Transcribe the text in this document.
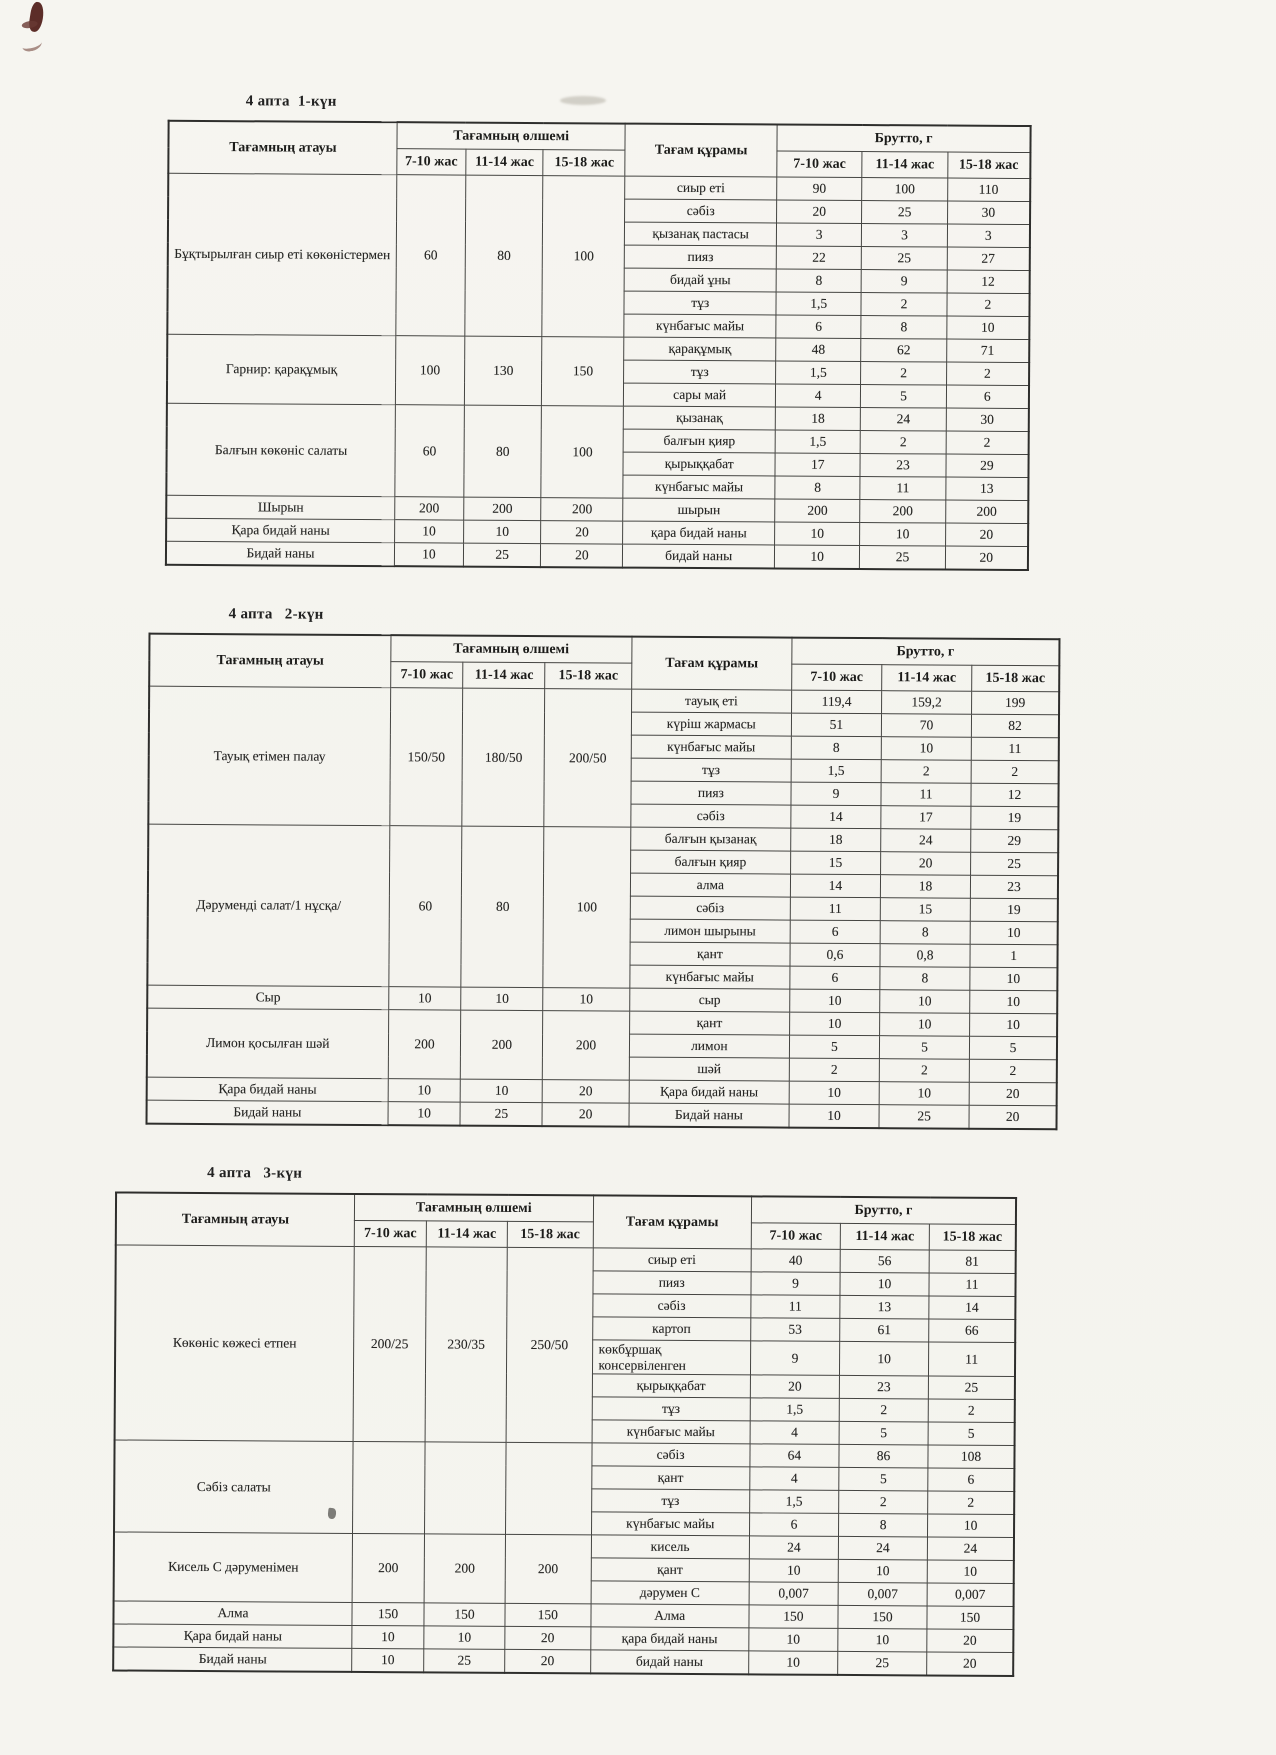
4 апта  1-күн
Тағамның атауы	Тағамның өлшемі			Тағам құрамы	Брутто, г		
	7-10 жас	11-14 жас	15-18 жас		7-10 жас	11-14 жас	15-18 жас
Бұқтырылған сиыр еті көкөністермен	60	80	100	сиыр еті	90	100	110
				сәбіз	20	25	30
				қызанақ пастасы	3	3	3
				пияз	22	25	27
				бидай ұны	8	9	12
				тұз	1,5	2	2
				күнбағыс майы	6	8	10
Гарнир: қарақұмық	100	130	150	қарақұмық	48	62	71
				тұз	1,5	2	2
				сары май	4	5	6
Балғын көкөніс салаты	60	80	100	қызанақ	18	24	30
				балғын қияр	1,5	2	2
				қырыққабат	17	23	29
				күнбағыс майы	8	11	13
Шырын	200	200	200	шырын	200	200	200
Қара бидай наны	10	10	20	қара бидай наны	10	10	20
Бидай наны	10	25	20	бидай наны	10	25	20
4 апта   2-күн
Тағамның атауы	Тағамның өлшемі			Тағам құрамы	Брутто, г		
	7-10 жас	11-14 жас	15-18 жас		7-10 жас	11-14 жас	15-18 жас
Тауық етімен палау	150/50	180/50	200/50	тауық еті	119,4	159,2	199
				күріш жармасы	51	70	82
				күнбағыс майы	8	10	11
				тұз	1,5	2	2
				пияз	9	11	12
				сәбіз	14	17	19
Дәруменді салат/1 нұсқа/	60	80	100	балғын қызанақ	18	24	29
				балғын қияр	15	20	25
				алма	14	18	23
				сәбіз	11	15	19
				лимон шырыны	6	8	10
				қант	0,6	0,8	1
				күнбағыс майы	6	8	10
Сыр	10	10	10	сыр	10	10	10
Лимон қосылған шәй	200	200	200	қант	10	10	10
				лимон	5	5	5
				шәй	2	2	2
Қара бидай наны	10	10	20	Қара бидай наны	10	10	20
Бидай наны	10	25	20	Бидай наны	10	25	20
4 апта   3-күн
Тағамның атауы	Тағамның өлшемі			Тағам құрамы	Брутто, г		
	7-10 жас	11-14 жас	15-18 жас		7-10 жас	11-14 жас	15-18 жас
Көкөніс көжесі етпен	200/25	230/35	250/50	сиыр еті	40	56	81
				пияз	9	10	11
				сәбіз	11	13	14
				картоп	53	61	66
				көкбұршақ консервіленген	9	10	11
				қырыққабат	20	23	25
				тұз	1,5	2	2
				күнбағыс майы	4	5	5
Сәбіз салаты				сәбіз	64	86	108
				қант	4	5	6
				тұз	1,5	2	2
				күнбағыс майы	6	8	10
Кисель С дәруменімен	200	200	200	кисель	24	24	24
				қант	10	10	10
				дәрумен С	0,007	0,007	0,007
Алма	150	150	150	Алма	150	150	150
Қара бидай наны	10	10	20	қара бидай наны	10	10	20
Бидай наны	10	25	20	бидай наны	10	25	20
